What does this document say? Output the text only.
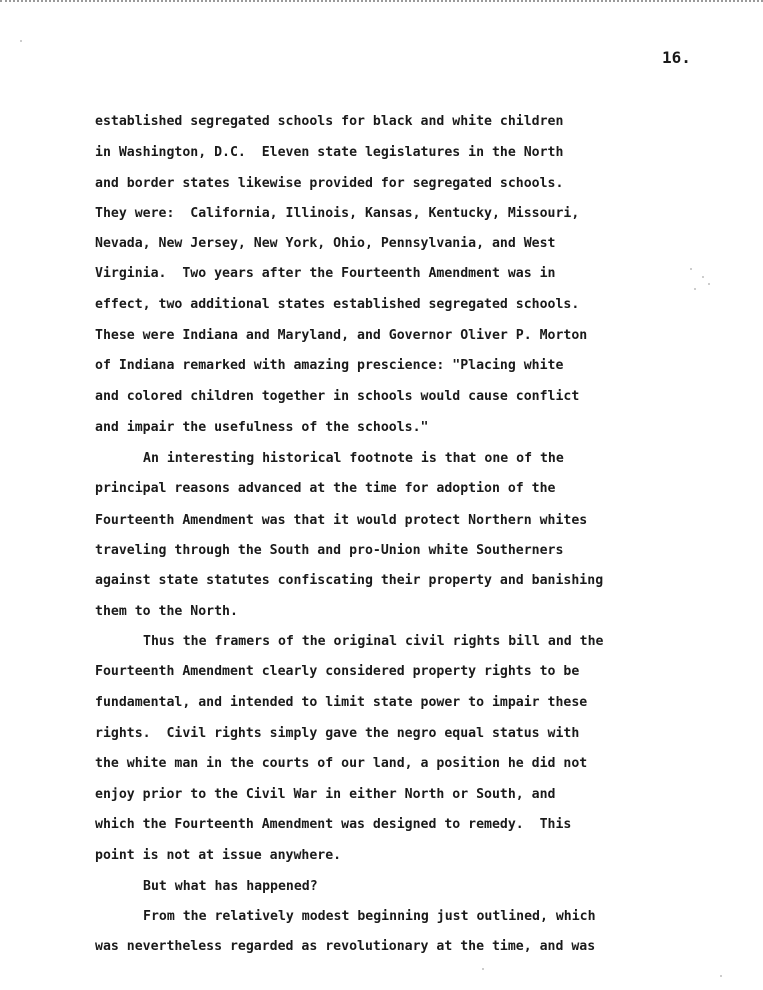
16.
established segregated schools for black and white children
in Washington, D.C.  Eleven state legislatures in the North
and border states likewise provided for segregated schools.
They were:  California, Illinois, Kansas, Kentucky, Missouri,
Nevada, New Jersey, New York, Ohio, Pennsylvania, and West
Virginia.  Two years after the Fourteenth Amendment was in
effect, two additional states established segregated schools.
These were Indiana and Maryland, and Governor Oliver P. Morton
of Indiana remarked with amazing prescience: "Placing white
and colored children together in schools would cause conflict
and impair the usefulness of the schools."
An interesting historical footnote is that one of the
principal reasons advanced at the time for adoption of the
Fourteenth Amendment was that it would protect Northern whites
traveling through the South and pro-Union white Southerners
against state statutes confiscating their property and banishing
them to the North.
Thus the framers of the original civil rights bill and the
Fourteenth Amendment clearly considered property rights to be
fundamental, and intended to limit state power to impair these
rights.  Civil rights simply gave the negro equal status with
the white man in the courts of our land, a position he did not
enjoy prior to the Civil War in either North or South, and
which the Fourteenth Amendment was designed to remedy.  This
point is not at issue anywhere.
But what has happened?
From the relatively modest beginning just outlined, which
was nevertheless regarded as revolutionary at the time, and was
